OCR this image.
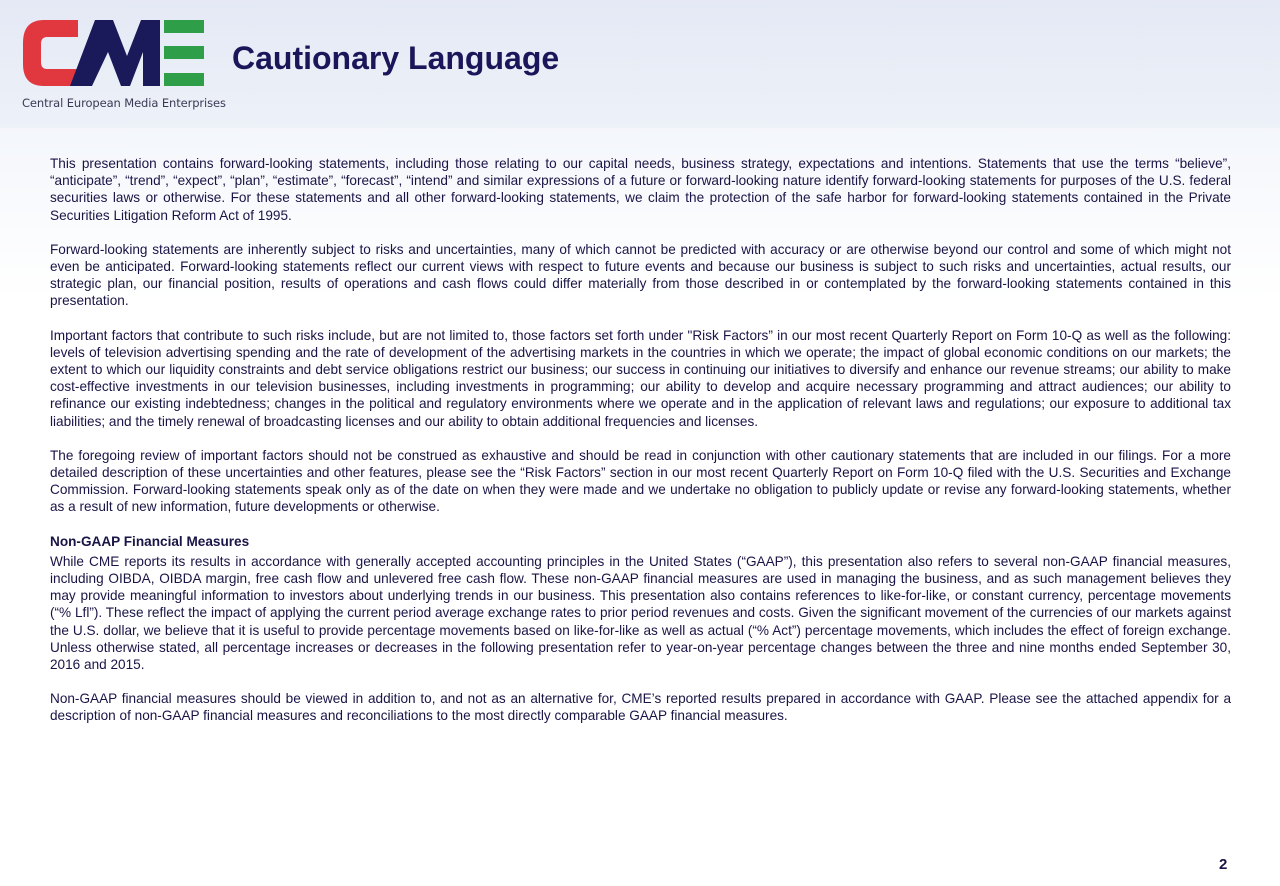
Central European Media Enterprises
Cautionary Language

This presentation contains forward-looking statements, including those relating to our capital needs, business strategy, expectations and intentions. Statements that use the terms “believe”, “anticipate”, “trend”, “expect”, “plan”, “estimate”, “forecast”, “intend” and similar expressions of a future or forward-looking nature identify forward-looking statements for purposes of the U.S. federal securities laws or otherwise. For these statements and all other forward-looking statements, we claim the protection of the safe harbor for forward-looking statements contained in the Private Securities Litigation Reform Act of 1995.

Forward-looking statements are inherently subject to risks and uncertainties, many of which cannot be predicted with accuracy or are otherwise beyond our control and some of which might not even be anticipated. Forward-looking statements reflect our current views with respect to future events and because our business is subject to such risks and uncertainties, actual results, our strategic plan, our financial position, results of operations and cash flows could differ materially from those described in or contemplated by the forward-looking statements contained in this presentation.

Important factors that contribute to such risks include, but are not limited to, those factors set forth under "Risk Factors” in our most recent Quarterly Report on Form 10-Q as well as the following: levels of television advertising spending and the rate of development of the advertising markets in the countries in which we operate; the impact of global economic conditions on our markets; the extent to which our liquidity constraints and debt service obligations restrict our business; our success in continuing our initiatives to diversify and enhance our revenue streams; our ability to make cost-effective investments in our television businesses, including investments in programming; our ability to develop and acquire necessary programming and attract audiences; our ability to refinance our existing indebtedness; changes in the political and regulatory environments where we operate and in the application of relevant laws and regulations; our exposure to additional tax liabilities; and the timely renewal of broadcasting licenses and our ability to obtain additional frequencies and licenses.

The foregoing review of important factors should not be construed as exhaustive and should be read in conjunction with other cautionary statements that are included in our filings. For a more detailed description of these uncertainties and other features, please see the “Risk Factors” section in our most recent Quarterly Report on Form 10-Q filed with the U.S. Securities and Exchange Commission. Forward-looking statements speak only as of the date on when they were made and we undertake no obligation to publicly update or revise any forward-looking statements, whether as a result of new information, future developments or otherwise.

Non-GAAP Financial Measures

While CME reports its results in accordance with generally accepted accounting principles in the United States (“GAAP”), this presentation also refers to several non-GAAP financial measures, including OIBDA, OIBDA margin, free cash flow and unlevered free cash flow. These non-GAAP financial measures are used in managing the business, and as such management believes they may provide meaningful information to investors about underlying trends in our business. This presentation also contains references to like-for-like, or constant currency, percentage movements (“% Lfl”). These reflect the impact of applying the current period average exchange rates to prior period revenues and costs. Given the significant movement of the currencies of our markets against the U.S. dollar, we believe that it is useful to provide percentage movements based on like-for-like as well as actual (“% Act”) percentage movements, which includes the effect of foreign exchange. Unless otherwise stated, all percentage increases or decreases in the following presentation refer to year-on-year percentage changes between the three and nine months ended September 30, 2016 and 2015.

Non-GAAP financial measures should be viewed in addition to, and not as an alternative for, CME’s reported results prepared in accordance with GAAP. Please see the attached appendix for a description of non-GAAP financial measures and reconciliations to the most directly comparable GAAP financial measures.

2
